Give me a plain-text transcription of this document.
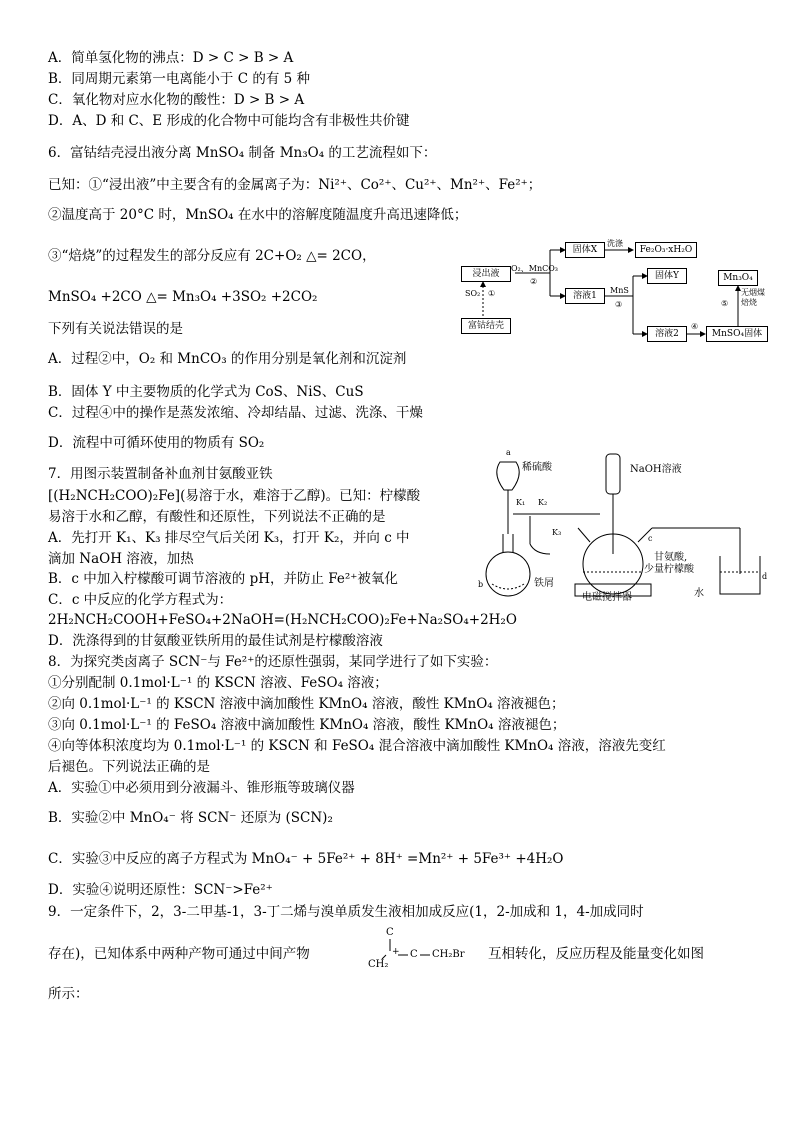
A．简单氢化物的沸点：D > C > B > A
B．同周期元素第一电离能小于 C 的有 5 种
C．氧化物对应水化物的酸性：D > B > A
D．A、D 和 C、E 形成的化合物中可能均含有非极性共价键
6．富钴结壳浸出液分离 MnSO₄ 制备 Mn₃O₄ 的工艺流程如下：
已知：①“浸出液”中主要含有的金属离子为：Ni²⁺、Co²⁺、Cu²⁺、Mn²⁺、Fe²⁺；
②温度高于 20°C 时，MnSO₄ 在水中的溶解度随温度升高迅速降低；
③“焙烧”的过程发生的部分反应有 2C+O₂ △= 2CO，
MnSO₄ +2CO △= Mn₃O₄ +3SO₂ +2CO₂
下列有关说法错误的是
A．过程②中，O₂ 和 MnCO₃ 的作用分别是氧化剂和沉淀剂
B．固体 Y 中主要物质的化学式为 CoS、NiS、CuS
C．过程④中的操作是蒸发浓缩、冷却结晶、过滤、洗涤、干燥
D．流程中可循环使用的物质有 SO₂
浸出液
富钴结壳
SO₂ ①
O₂、MnCO₃
②
固体X
洗涤
Fe₂O₃·xH₂O
溶液1
MnS
③
固体Y
溶液2
④
MnSO₄固体
⑤
无烟煤焙烧
Mn₃O₄
7．用图示装置制备补血剂甘氨酸亚铁
[(H₂NCH₂COO)₂Fe](易溶于水，难溶于乙醇)。已知：柠檬酸
易溶于水和乙醇，有酸性和还原性，下列说法不正确的是
A．先打开 K₁、K₃ 排尽空气后关闭 K₃，打开 K₂，并向 c 中
滴加 NaOH 溶液，加热
B．c 中加入柠檬酸可调节溶液的 pH，并防止 Fe²⁺被氧化
C．c 中反应的化学方程式为：
2H₂NCH₂COOH+FeSO₄+2NaOH=(H₂NCH₂COO)₂Fe+Na₂SO₄+2H₂O
D．洗涤得到的甘氨酸亚铁所用的最佳试剂是柠檬酸溶液
a
稀硫酸
K₁ K₂
K₃
b	铁屑
NaOH溶液
c
甘氨酸,
少量柠檬酸
电磁搅拌器	水
d
8．为探究类卤离子 SCN⁻与 Fe²⁺的还原性强弱，某同学进行了如下实验：
①分别配制 0.1mol·L⁻¹ 的 KSCN 溶液、FeSO₄ 溶液；
②向 0.1mol·L⁻¹ 的 KSCN 溶液中滴加酸性 KMnO₄ 溶液，酸性 KMnO₄ 溶液褪色；
③向 0.1mol·L⁻¹ 的 FeSO₄ 溶液中滴加酸性 KMnO₄ 溶液，酸性 KMnO₄ 溶液褪色；
④向等体积浓度均为 0.1mol·L⁻¹ 的 KSCN 和 FeSO₄ 混合溶液中滴加酸性 KMnO₄ 溶液，溶液先变红
后褪色。下列说法正确的是
A．实验①中必须用到分液漏斗、锥形瓶等玻璃仪器
B．实验②中 MnO₄⁻ 将 SCN⁻ 还原为 (SCN)₂
C．实验③中反应的离子方程式为 MnO₄⁻ + 5Fe²⁺ + 8H⁺ =Mn²⁺ + 5Fe³⁺ +4H₂O
D．实验④说明还原性：SCN⁻>Fe²⁺
9．一定条件下，2，3-二甲基-1，3-丁二烯与溴单质发生液相加成反应(1，2-加成和 1，4-加成同时
存在)，已知体系中两种产物可通过中间产物
C
CH₂
+ C CH₂Br 互相转化，反应历程及能量变化如图
所示：
